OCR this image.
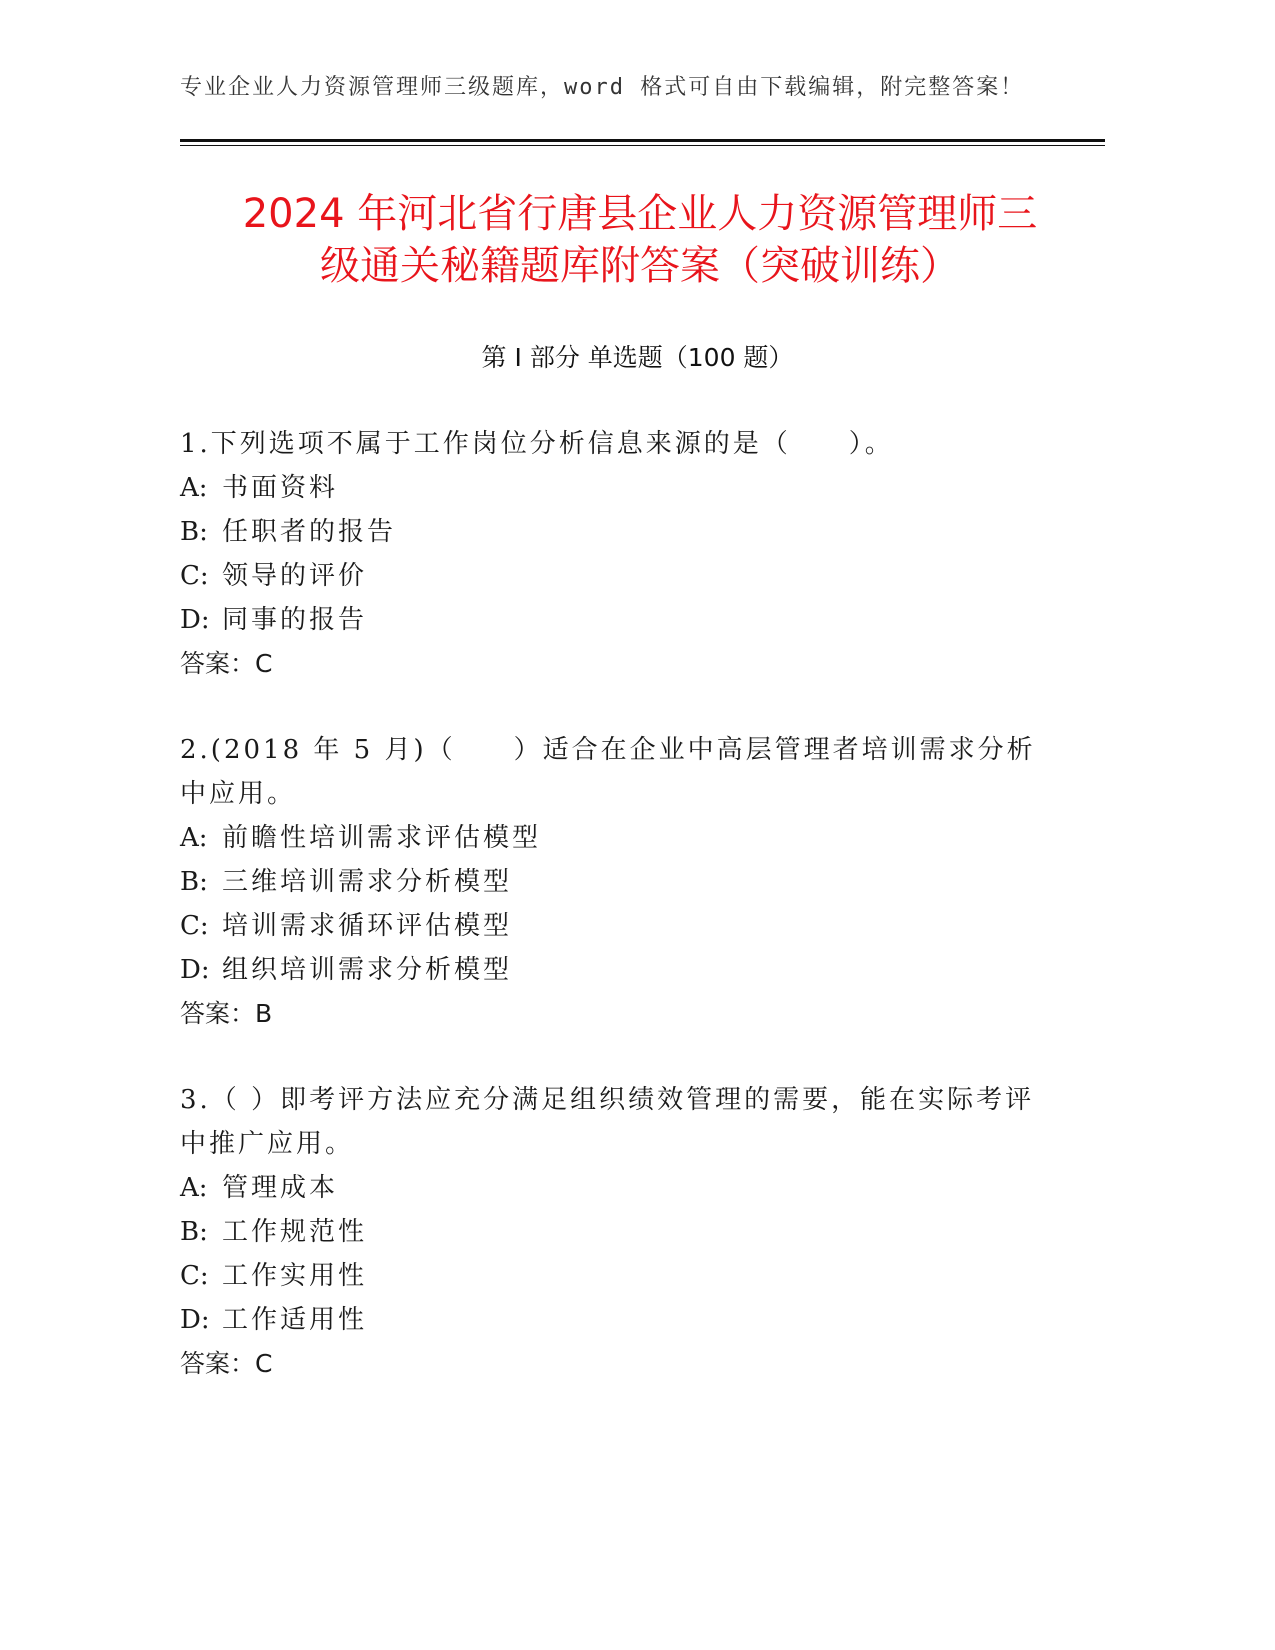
专业企业人力资源管理师三级题库，word 格式可自由下载编辑，附完整答案！
2024 年河北省行唐县企业人力资源管理师三
级通关秘籍题库附答案（突破训练）
第 I 部分 单选题（100 题）

1.下列选项不属于工作岗位分析信息来源的是（　　）。

A: 书面资料

B: 任职者的报告

C: 领导的评价

D: 同事的报告

答案：C

2.(2018 年 5 月)（　　）适合在企业中高层管理者培训需求分析中应用。

A: 前瞻性培训需求评估模型

B: 三维培训需求分析模型

C: 培训需求循环评估模型

D: 组织培训需求分析模型

答案：B

3.（ ）即考评方法应充分满足组织绩效管理的需要，能在实际考评中推广应用。

A: 管理成本

B: 工作规范性

C: 工作实用性

D: 工作适用性

答案：C
